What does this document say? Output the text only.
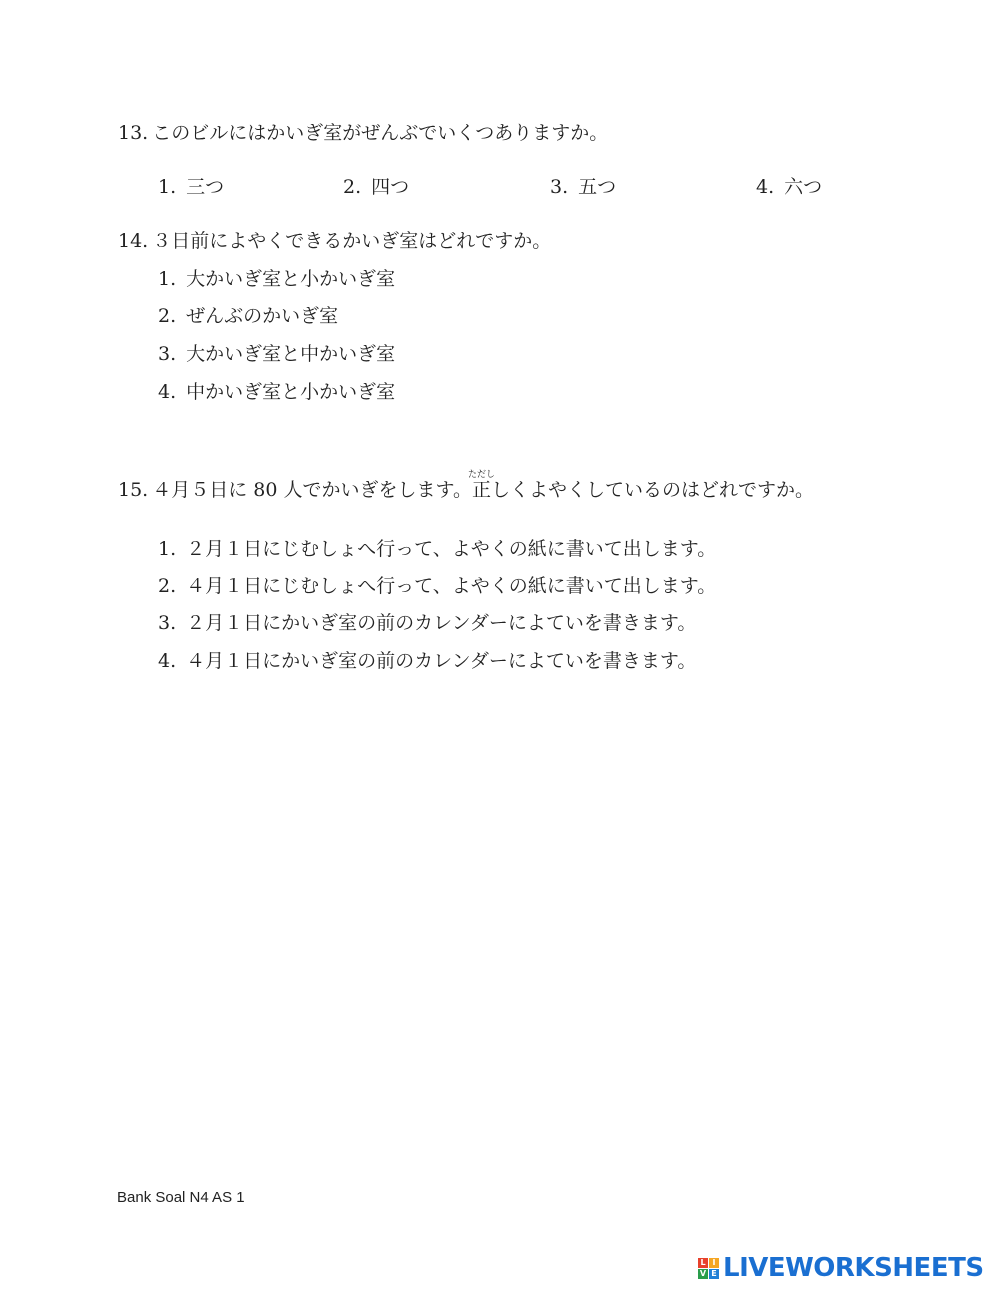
13. このビルにはかいぎ室がぜんぶでいくつありますか。
1. 三つ	2. 四つ	3. 五つ	4. 六つ
14. ３日前によやくできるかいぎ室はどれですか。
1. 大かいぎ室と小かいぎ室
2. ぜんぶのかいぎ室
3. 大かいぎ室と中かいぎ室
4. 中かいぎ室と小かいぎ室
15. ４月５日に 80 人でかいぎをします。正ただししくよやくしているのはどれですか。
1. ２月１日にじむしょへ行って、よやくの紙に書いて出します。
2. ４月１日にじむしょへ行って、よやくの紙に書いて出します。
3. ２月１日にかいぎ室の前のカレンダーによていを書きます。
4. ４月１日にかいぎ室の前のカレンダーによていを書きます。
Bank Soal N4 AS 1
L I
V E LIVEWORKSHEETS
